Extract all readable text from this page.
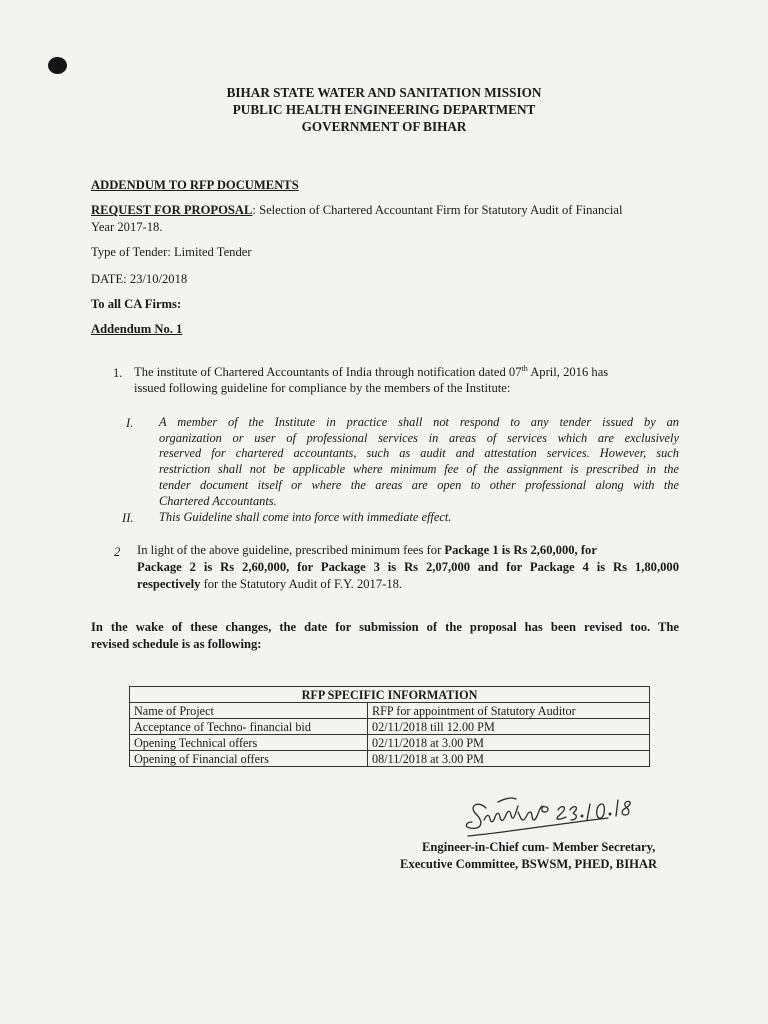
BIHAR STATE WATER AND SANITATION MISSION
PUBLIC HEALTH ENGINEERING DEPARTMENT
GOVERNMENT OF BIHAR
ADDENDUM TO RFP DOCUMENTS
REQUEST FOR PROPOSAL: Selection of Chartered Accountant Firm for Statutory Audit of Financial
Year 2017-18.
Type of Tender: Limited Tender
DATE: 23/10/2018
To all CA Firms:
Addendum No. 1
1. The institute of Chartered Accountants of India through notification dated 07th April, 2016 has
issued following guideline for compliance by the members of the Institute:
I. A member of the Institute in practice shall not respond to any tender issued by an
organization or user of professional services in areas of services which are exclusively
reserved for chartered accountants, such as audit and attestation services. However, such
restriction shall not be applicable where minimum fee of the assignment is prescribed in the
tender document itself or where the areas are open to other professional along with the
Chartered Accountants.
II. This Guideline shall come into force with immediate effect.
2 In light of the above guideline, prescribed minimum fees for Package 1 is Rs 2,60,000, for
Package 2 is Rs 2,60,000, for Package 3 is Rs 2,07,000 and for Package 4 is Rs 1,80,000
respectively for the Statutory Audit of F.Y. 2017-18.
In the wake of these changes, the date for submission of the proposal has been revised too. The
revised schedule is as following:
RFP SPECIFIC INFORMATION	
Name of Project	RFP for appointment of Statutory Auditor
Acceptance of Techno- financial bid	02/11/2018 till 12.00 PM
Opening Technical offers	02/11/2018 at 3.00 PM
Opening of Financial offers	08/11/2018 at 3.00 PM
Engineer-in-Chief cum- Member Secretary,
Executive Committee, BSWSM, PHED, BIHAR
